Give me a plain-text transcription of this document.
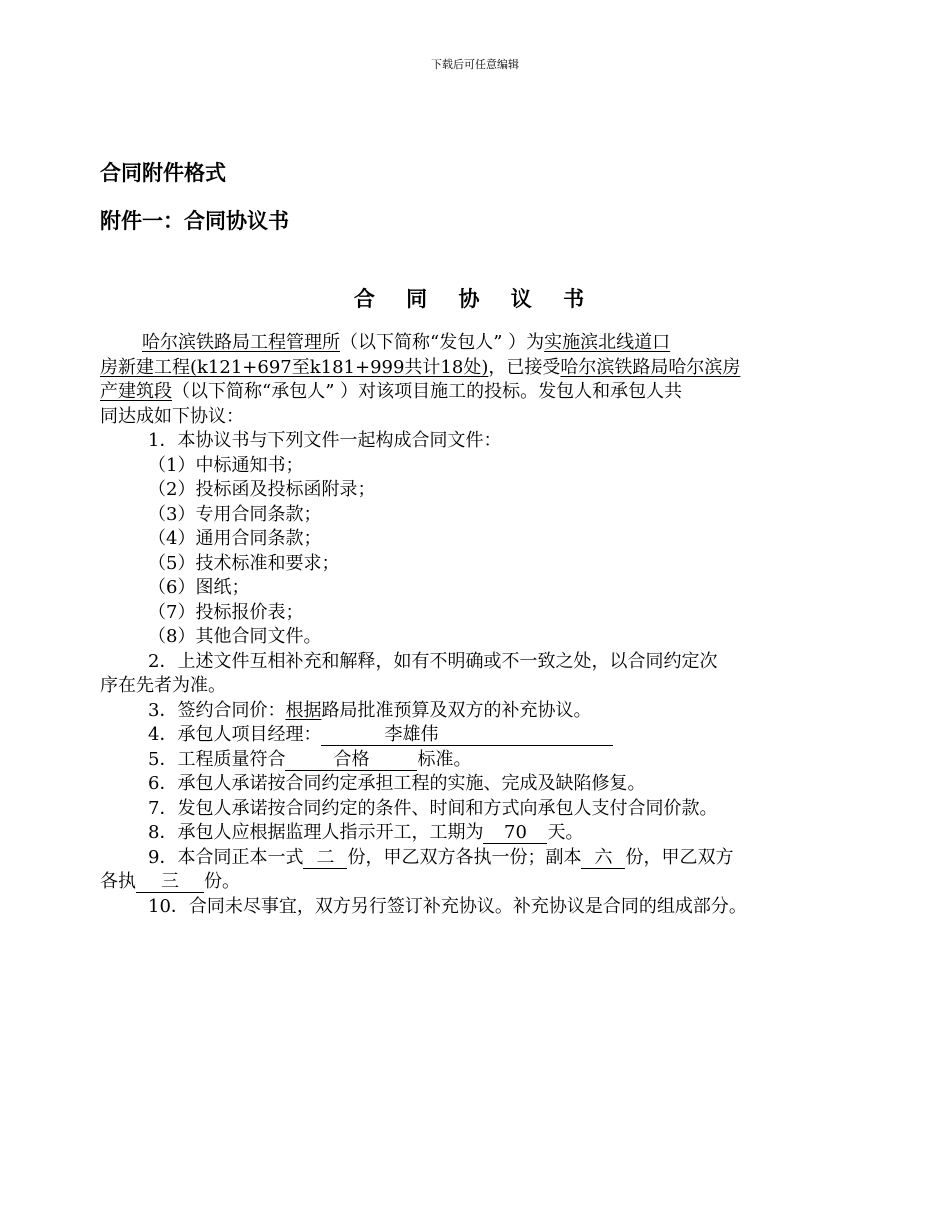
下载后可任意编辑
合同附件格式
附件一：合同协议书
合 同 协 议 书

哈尔滨铁路局工程管理所（以下简称“发包人” ）为实施滨北线道口

房新建工程(k121+697至k181+999共计18处)，已接受哈尔滨铁路局哈尔滨房

产建筑段（以下简称“承包人” ）对该项目施工的投标。发包人和承包人共

同达成如下协议：

1．本协议书与下列文件一起构成合同文件：

（1）中标通知书；

（2）投标函及投标函附录；

（3）专用合同条款；

（4）通用合同条款；

（5）技术标准和要求；

（6）图纸；

（7）投标报价表；

（8）其他合同文件。

2．上述文件互相补充和解释，如有不明确或不一致之处，以合同约定次

序在先者为准。

3．签约合同价：根据路局批准预算及双方的补充协议。

4．承包人项目经理：	李雄伟

5．工程质量符合	合格	标准。

6．承包人承诺按合同约定承担工程的实施、完成及缺陷修复。

7．发包人承诺按合同约定的条件、时间和方式向承包人支付合同价款。

8．承包人应根据监理人指示开工，工期为 70 天。

9．本合同正本一式 二 份，甲乙双方各执一份；副本 六 份，甲乙双方

各执 三 份。

10．合同未尽事宜，双方另行签订补充协议。补充协议是合同的组成部分。
